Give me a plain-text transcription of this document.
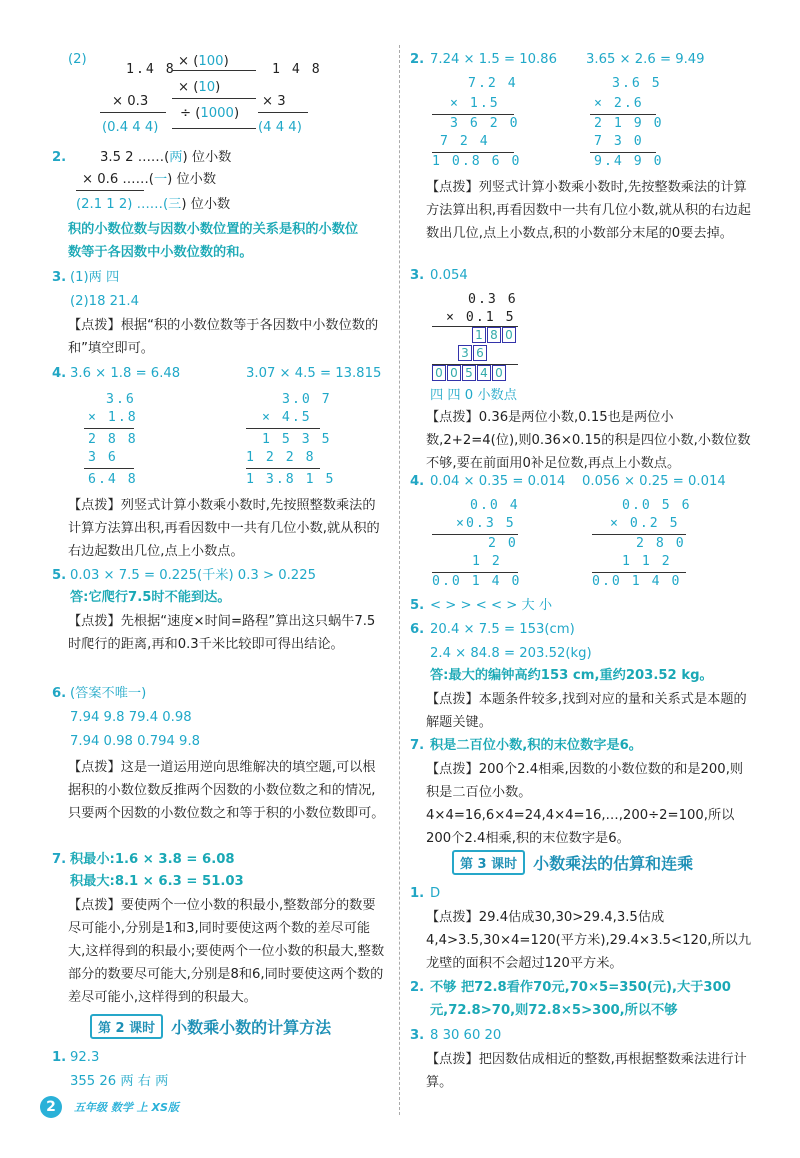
(2)
1.4 8
× (100)
1 4 8
× 0.3
× (10)
× 3
÷ (1000)
(0.4 4 4)	(4 4 4)
2.	3.5 2 ……(两) 位小数
× 0.6 ……(一) 位小数
(2.1 1 2) ……(三) 位小数
积的小数位数与因数小数位置的关系是积的小数位
数等于各因数中小数位数的和。
3. (1)两 四
(2)18 21.4
【点拨】根据“积的小数位数等于各因数中小数位数的和”填空即可。
4. 3.6 × 1.8 = 6.48	3.07 × 4.5 = 13.815
3.6
× 1.8
2 8 8
3 6
6.4 8
3.0 7
× 4.5
1 5 3 5
1 2 2 8
1 3.8 1 5
【点拨】列竖式计算小数乘小数时,先按照整数乘法的计算方法算出积,再看因数中一共有几位小数,就从积的右边起数出几位,点上小数点。
5. 0.03 × 7.5 = 0.225(千米) 0.3 > 0.225
答:它爬行7.5时不能到达。
【点拨】先根据“速度×时间=路程”算出这只蜗牛7.5时爬行的距离,再和0.3千米比较即可得出结论。
6. (答案不唯一)
7.94 9.8 79.4 0.98
7.94 0.98 0.794 9.8
【点拨】这是一道运用逆向思维解决的填空题,可以根据积的小数位数反推两个因数的小数位数之和的情况,只要两个因数的小数位数之和等于积的小数位数即可。
7. 积最小:1.6 × 3.8 = 6.08
积最大:8.1 × 6.3 = 51.03
【点拨】要使两个一位小数的积最小,整数部分的数要尽可能小,分别是1和3,同时要使这两个数的差尽可能大,这样得到的积最小;要使两个一位小数的积最大,整数部分的数要尽可能大,分别是8和6,同时要使这两个数的差尽可能小,这样得到的积最大。
第 2 课时	小数乘小数的计算方法
1. 92.3
355 26 两 右 两
2. 7.24 × 1.5 = 10.86 3.65 × 2.6 = 9.49
7.2 4
× 1.5
3 6 2 0
7 2 4
1 0.8 6 0
3.6 5
× 2.6
2 1 9 0
7 3 0
9.4 9 0
【点拨】列竖式计算小数乘小数时,先按整数乘法的计算方法算出积,再看因数中一共有几位小数,就从积的右边起数出几位,点上小数点,积的小数部分末尾的0要去掉。
3. 0.054
0.3 6
× 0.1 5
1 8 0
3 6
0 0 5 4 0
四 四 0 小数点
【点拨】0.36是两位小数,0.15也是两位小数,2+2=4(位),则0.36×0.15的积是四位小数,小数位数不够,要在前面用0补足位数,再点上小数点。
4. 0.04 × 0.35 = 0.014 0.056 × 0.25 = 0.014
0.0 4
×0.3 5
2 0
1 2
0.0 1 4 0
0.0 5 6
× 0.2 5
2 8 0
1 1 2
0.0 1 4 0
5. < > > < < > 大 小
6. 20.4 × 7.5 = 153(cm)
2.4 × 84.8 = 203.52(kg)
答:最大的编钟高约153 cm,重约203.52 kg。
【点拨】本题条件较多,找到对应的量和关系式是本题的解题关键。
7. 积是二百位小数,积的末位数字是6。
【点拨】200个2.4相乘,因数的小数位数的和是200,则积是二百位小数。4×4=16,6×4=24,4×4=16,…,200÷2=100,所以200个2.4相乘,积的末位数字是6。
第 3 课时	小数乘法的估算和连乘
1. D
【点拨】29.4估成30,30>29.4,3.5估成4,4>3.5,30×4=120(平方米),29.4×3.5<120,所以九龙壁的面积不会超过120平方米。
2. 不够 把72.8看作70元,70×5=350(元),大于300元,72.8>70,则72.8×5>300,所以不够
3. 8 30 60 20
【点拨】把因数估成相近的整数,再根据整数乘法进行计算。
2	五年级 数学 上 XS版
